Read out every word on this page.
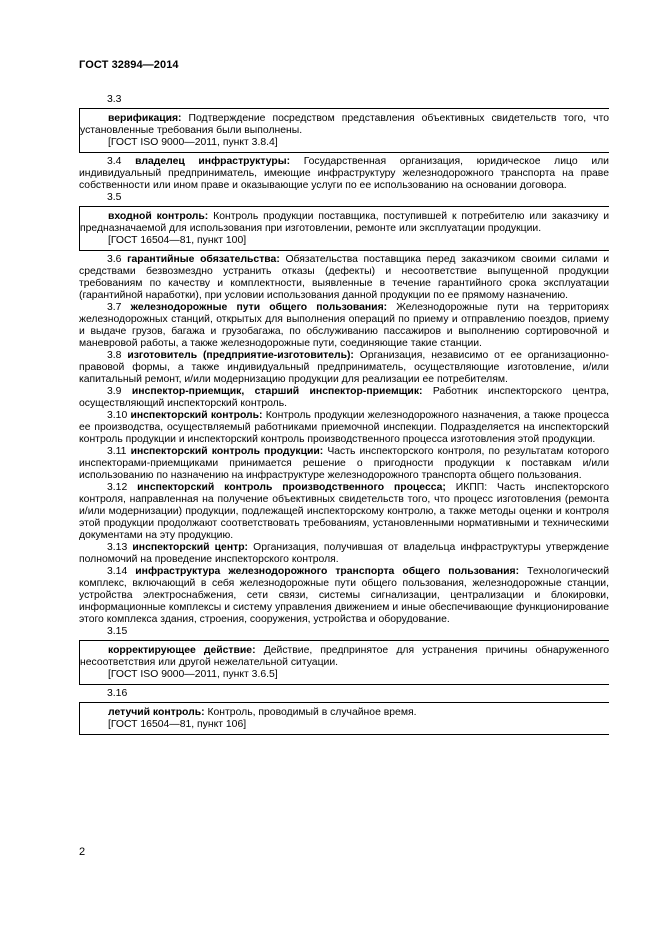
ГОСТ 32894—2014

3.3

верификация: Подтверждение посредством представления объективных свидетельств того, что установленные требования были выполнены.

[ГОСТ ISO 9000—2011, пункт 3.8.4]

3.4 владелец инфраструктуры: Государственная организация, юридическое лицо или индивидуальный предприниматель, имеющие инфраструктуру железнодорожного транспорта на праве собственности или ином праве и оказывающие услуги по ее использованию на основании договора.

3.5

входной контроль: Контроль продукции поставщика, поступившей к потребителю или заказчику и предназначаемой для использования при изготовлении, ремонте или эксплуатации продукции.

[ГОСТ 16504—81, пункт 100]

3.6 гарантийные обязательства: Обязательства поставщика перед заказчиком своими силами и средствами безвозмездно устранить отказы (дефекты) и несоответствие выпущенной продукции требованиям по качеству и комплектности, выявленные в течение гарантийного срока эксплуатации (гарантийной наработки), при условии использования данной продукции по ее прямому назначению.

3.7 железнодорожные пути общего пользования: Железнодорожные пути на территориях железнодорожных станций, открытых для выполнения операций по приему и отправлению поездов, приему и выдаче грузов, багажа и грузобагажа, по обслуживанию пассажиров и выполнению сортировочной и маневровой работы, а также железнодорожные пути, соединяющие такие станции.

3.8 изготовитель (предприятие-изготовитель): Организация, независимо от ее организационно-правовой формы, а также индивидуальный предприниматель, осуществляющие изготовление, и/или капитальный ремонт, и/или модернизацию продукции для реализации ее потребителям.

3.9 инспектор-приемщик, старший инспектор-приемщик: Работник инспекторского центра, осуществляющий инспекторский контроль.

3.10 инспекторский контроль: Контроль продукции железнодорожного назначения, а также процесса ее производства, осуществляемый работниками приемочной инспекции. Подразделяется на инспекторский контроль продукции и инспекторский контроль производственного процесса изготовления этой продукции.

3.11 инспекторский контроль продукции: Часть инспекторского контроля, по результатам которого инспекторами-приемщиками принимается решение о пригодности продукции к поставкам и/или использованию по назначению на инфраструктуре железнодорожного транспорта общего пользования.

3.12 инспекторский контроль производственного процесса; ИКПП: Часть инспекторского контроля, направленная на получение объективных свидетельств того, что процесс изготовления (ремонта и/или модернизации) продукции, подлежащей инспекторскому контролю, а также методы оценки и контроля этой продукции продолжают соответствовать требованиям, установленными нормативными и техническими документами на эту продукцию.

3.13 инспекторский центр: Организация, получившая от владельца инфраструктуры утверждение полномочий на проведение инспекторского контроля.

3.14 инфраструктура железнодорожного транспорта общего пользования: Технологический комплекс, включающий в себя железнодорожные пути общего пользования, железнодорожные станции, устройства электроснабжения, сети связи, системы сигнализации, централизации и блокировки, информационные комплексы и систему управления движением и иные обеспечивающие функционирование этого комплекса здания, строения, сооружения, устройства и оборудование.

3.15

корректирующее действие: Действие, предпринятое для устранения причины обнаруженного несоответствия или другой нежелательной ситуации.

[ГОСТ ISO 9000—2011, пункт 3.6.5]

3.16

летучий контроль: Контроль, проводимый в случайное время.

[ГОСТ 16504—81, пункт 106]

2
